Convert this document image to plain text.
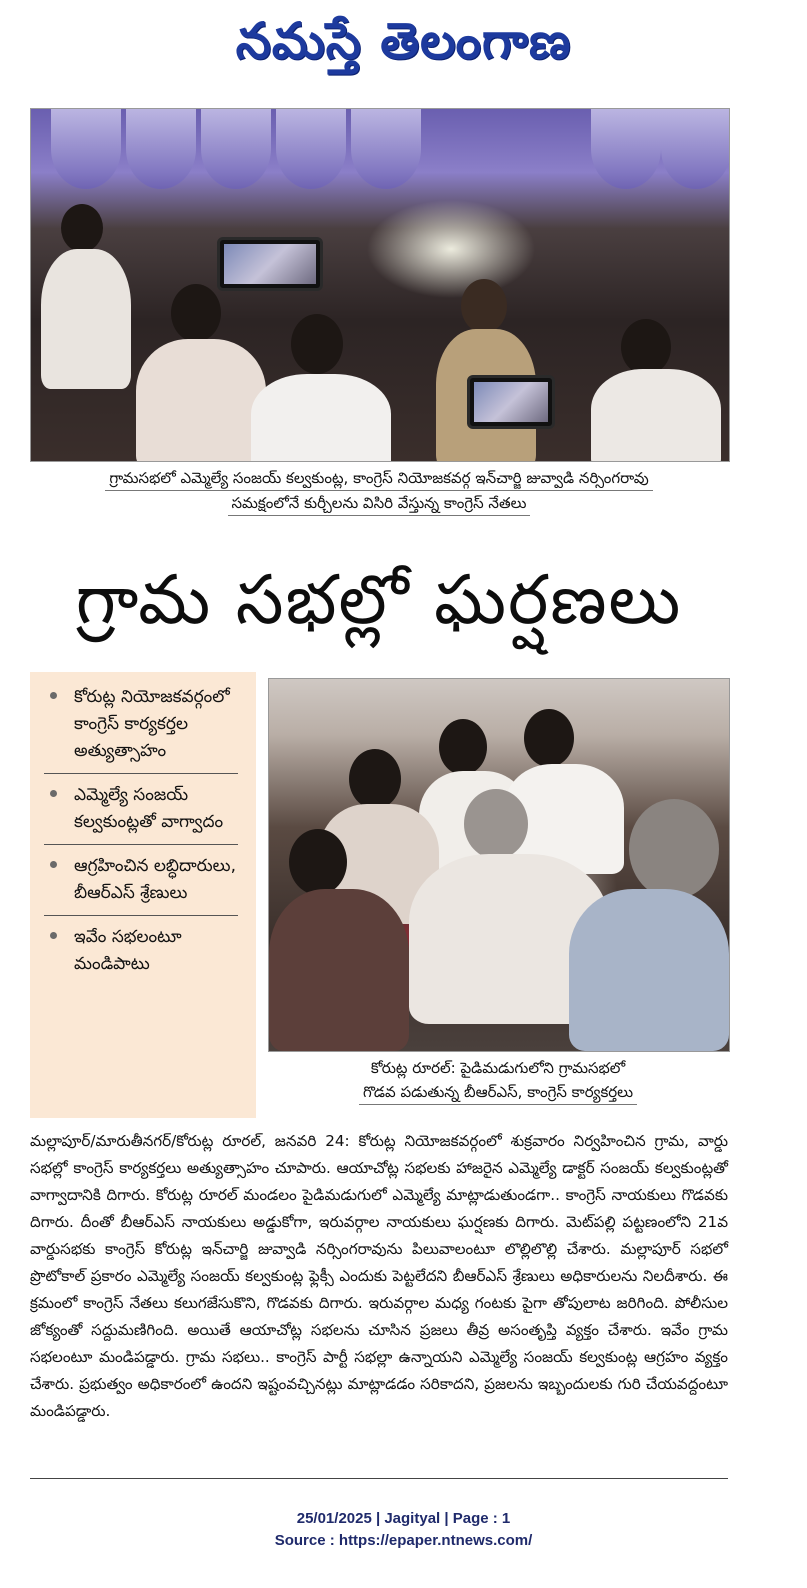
నమస్తే తెలంగాణ
గ్రామసభలో ఎమ్మెల్యే సంజయ్ కల్వకుంట్ల, కాంగ్రెస్ నియోజకవర్గ ఇన్‌చార్జి జువ్వాడి నర్సింగరావు
సమక్షంలోనే కుర్చీలను విసిరి వేస్తున్న కాంగ్రెస్ నేతలు
గ్రామ సభల్లో ఘర్షణలు
కోరుట్ల నియోజకవర్గంలో కాంగ్రెస్ కార్యకర్తల అత్యుత్సాహం
ఎమ్మెల్యే సంజయ్ కల్వకుంట్లతో వాగ్వాదం
ఆగ్రహించిన లబ్ధిదారులు, బీఆర్ఎస్ శ్రేణులు
ఇవేం సభలంటూ మండిపాటు
కోరుట్ల రూరల్: పైడిమడుగులోని గ్రామసభలో
గొడవ పడుతున్న బీఆర్ఎస్, కాంగ్రెస్ కార్యకర్తలు
మల్లాపూర్/మారుతీనగర్/కోరుట్ల రూరల్, జనవరి 24: కోరుట్ల నియోజకవర్గంలో శుక్రవారం నిర్వహించిన గ్రామ, వార్డు సభల్లో కాంగ్రెస్ కార్యకర్తలు అత్యుత్సాహం చూపారు. ఆయాచోట్ల సభలకు హాజరైన ఎమ్మెల్యే డాక్టర్ సంజయ్ కల్వకుంట్లతో వాగ్వాదానికి దిగారు. కోరుట్ల రూరల్ మండలం పైడిమడుగులో ఎమ్మెల్యే మాట్లాడుతుండగా.. కాంగ్రెస్ నాయకులు గొడవకు దిగారు. దీంతో బీఆర్ఎస్ నాయకులు అడ్డుకోగా, ఇరువర్గాల నాయకులు ఘర్షణకు దిగారు. మెట్‌పల్లి పట్టణంలోని 21వ వార్డుసభకు కాంగ్రెస్ కోరుట్ల ఇన్‌చార్జి జువ్వాడి నర్సింగరావును పిలువాలంటూ లొల్లిలొల్లి చేశారు. మల్లాపూర్ సభలో ప్రొటోకాల్ ప్రకారం ఎమ్మెల్యే సంజయ్ కల్వకుంట్ల ఫ్లెక్సీ ఎందుకు పెట్టలేదని బీఆర్ఎస్ శ్రేణులు అధికారులను నిలదీశారు. ఈ క్రమంలో కాంగ్రెస్ నేతలు కలుగజేసుకొని, గొడవకు దిగారు. ఇరువర్గాల మధ్య గంటకు పైగా తోపులాట జరిగింది. పోలీసుల జోక్యంతో సద్దుమణిగింది. అయితే ఆయాచోట్ల సభలను చూసిన ప్రజలు తీవ్ర అసంతృప్తి వ్యక్తం చేశారు. ఇవేం గ్రామ సభలంటూ మండిపడ్డారు. గ్రామ సభలు.. కాంగ్రెస్ పార్టీ సభల్లా ఉన్నాయని ఎమ్మెల్యే సంజయ్ కల్వకుంట్ల ఆగ్రహం వ్యక్తం చేశారు. ప్రభుత్వం అధికారంలో ఉందని ఇష్టంవచ్చినట్లు మాట్లాడడం సరికాదని, ప్రజలను ఇబ్బందులకు గురి చేయవద్దంటూ మండిపడ్డారు.
25/01/2025 | Jagityal | Page : 1
Source : https://epaper.ntnews.com/
